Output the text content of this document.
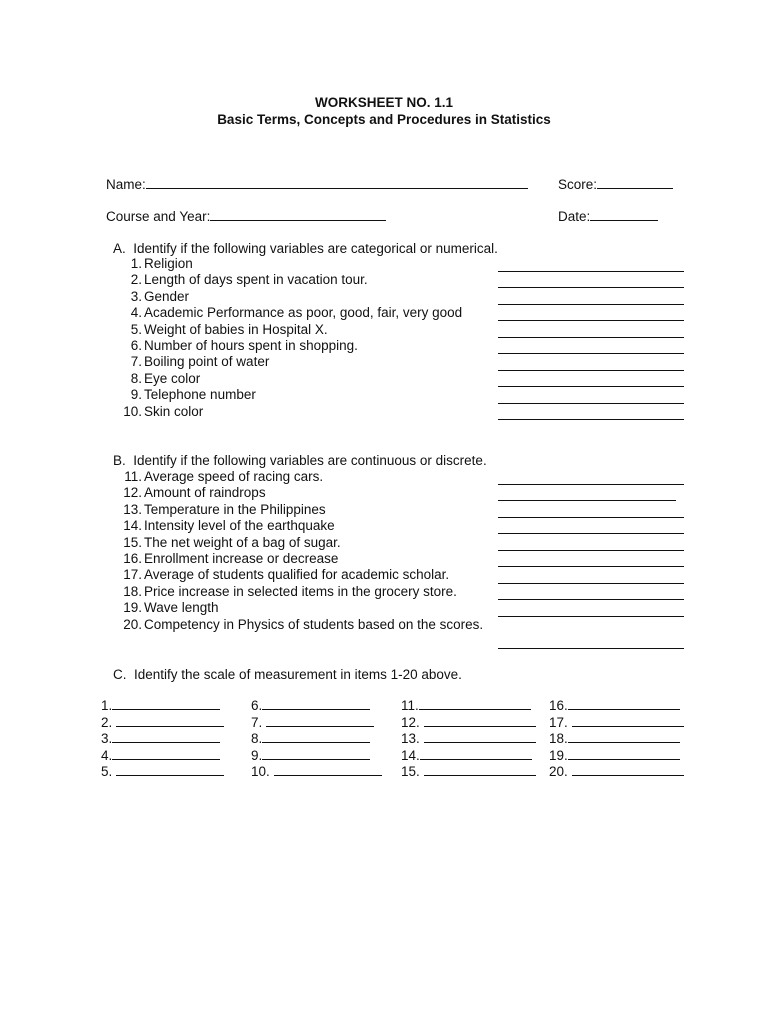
WORKSHEET NO. 1.1
Basic Terms, Concepts and Procedures in Statistics

Name:
	Score:

Course and Year:
	Date:

A.  Identify if the following variables are categorical or numerical.
1. Religion
2. Length of days spent in vacation tour.
3. Gender
4. Academic Performance as poor, good, fair, very good
5. Weight of babies in Hospital X.
6. Number of hours spent in shopping.
7. Boiling point of water
8. Eye color
9. Telephone number
10. Skin color
B.  Identify if the following variables are continuous or discrete.
11. Average speed of racing cars.
12. Amount of raindrops
13. Temperature in the Philippines
14. Intensity level of the earthquake
15. The net weight of a bag of sugar.
16. Enrollment increase or decrease
17. Average of students qualified for academic scholar.
18. Price increase in selected items in the grocery store.
19. Wave length
20. Competency in Physics of students based on the scores.
C.  Identify the scale of measurement in items 1-20 above.
1.
2.
3.
4.
5.
6.
7.
8.
9.
10.
11.
12.
13.
14.
15.
16.
17.
18.
19.
20.
